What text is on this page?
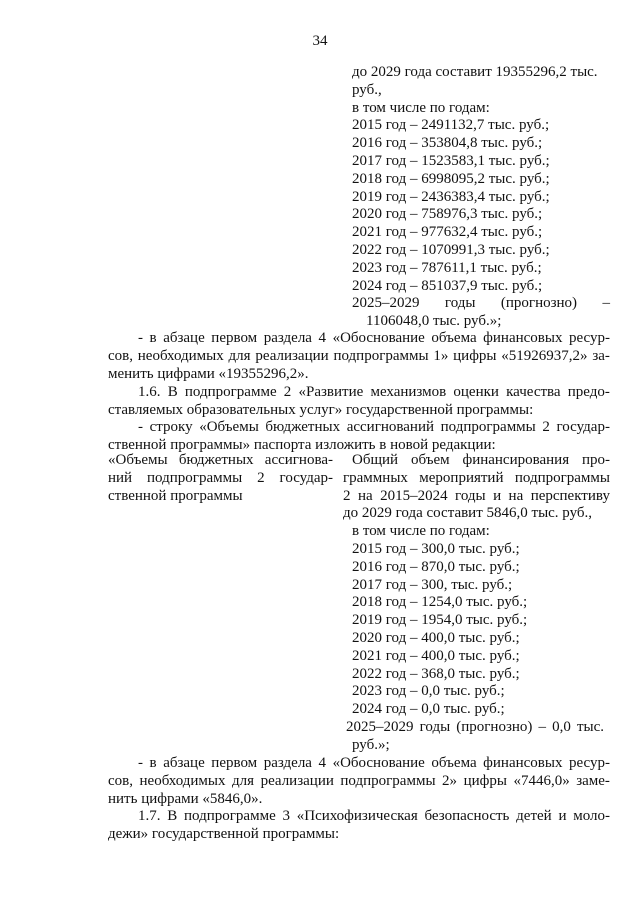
34
до 2029 года составит 19355296,2 тыс.
руб.,
в том числе по годам:
2015 год – 2491132,7 тыс. руб.;
2016 год – 353804,8 тыс. руб.;
2017 год – 1523583,1 тыс. руб.;
2018 год – 6998095,2 тыс. руб.;
2019 год – 2436383,4 тыс. руб.;
2020 год – 758976,3 тыс. руб.;
2021 год – 977632,4 тыс. руб.;
2022 год – 1070991,3 тыс. руб.;
2023 год – 787611,1 тыс. руб.;
2024 год – 851037,9 тыс. руб.;
2025–2029 годы (прогнозно) –
1106048,0 тыс. руб.»;
- в абзаце первом раздела 4 «Обоснование объема финансовых ресур-
сов, необходимых для реализации подпрограммы 1» цифры «51926937,2» за-
менить цифрами «19355296,2».
1.6. В подпрограмме 2 «Развитие механизмов оценки качества предо-
ставляемых образовательных услуг» государственной программы:
- строку «Объемы бюджетных ассигнований подпрограммы 2 государ-
ственной программы» паспорта изложить в новой редакции:
«Объемы бюджетных ассигнова-
ний подпрограммы 2 государ-
ственной программы
Общий объем финансирования про-
граммных мероприятий подпрограммы
2 на 2015–2024 годы и на перспективу
до 2029 года составит 5846,0 тыс. руб.,
в том числе по годам:
2015 год – 300,0 тыс. руб.;
2016 год – 870,0 тыс. руб.;
2017 год – 300, тыс. руб.;
2018 год – 1254,0 тыс. руб.;
2019 год – 1954,0 тыс. руб.;
2020 год – 400,0 тыс. руб.;
2021 год – 400,0 тыс. руб.;
2022 год – 368,0 тыс. руб.;
2023 год – 0,0 тыс. руб.;
2024 год – 0,0 тыс. руб.;
2025–2029 годы (прогнозно) – 0,0 тыс.
руб.»;
- в абзаце первом раздела 4 «Обоснование объема финансовых ресур-
сов, необходимых для реализации подпрограммы 2» цифры «7446,0» заме-
нить цифрами «5846,0».
1.7. В подпрограмме 3 «Психофизическая безопасность детей и моло-
дежи» государственной программы:
